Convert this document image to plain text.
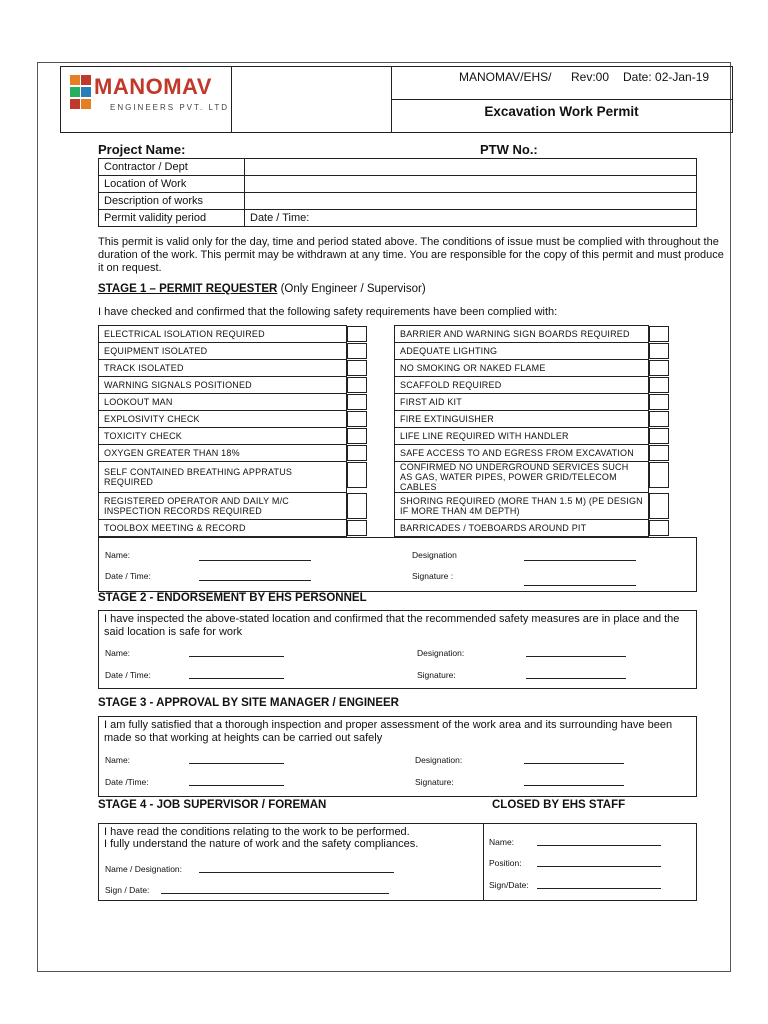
MANOMAV
ENGINEERS PVT. LTD
MANOMAV/EHS/ Rev:00 Date: 02-Jan-19
Excavation Work Permit
Project Name:	PTW No.:
Contractor / Dept	
Location of Work	
Description of works	
Permit validity period	Date / Time:
This permit is valid only for the day, time and period stated above. The conditions of issue must be complied with throughout the duration of the work. This permit may be withdrawn at any time. You are responsible for the copy of this permit and must produce it on request.
STAGE 1 – PERMIT REQUESTER (Only Engineer / Supervisor)
I have checked and confirmed that the following safety requirements have been complied with:
ELECTRICAL ISOLATION REQUIRED	BARRIER AND WARNING SIGN BOARDS REQUIRED	

EQUIPMENT ISOLATED	ADEQUATE LIGHTING	

TRACK ISOLATED	NO SMOKING OR NAKED FLAME	

WARNING SIGNALS POSITIONED	SCAFFOLD REQUIRED	

LOOKOUT MAN	FIRST AID KIT	

EXPLOSIVITY CHECK	FIRE EXTINGUISHER	

TOXICITY CHECK	LIFE LINE REQUIRED WITH HANDLER	

OXYGEN GREATER THAN 18%	SAFE ACCESS TO AND EGRESS FROM EXCAVATION	

SELF CONTAINED BREATHING APPRATUS REQUIRED	CONFIRMED NO UNDERGROUND SERVICES SUCH AS GAS, WATER PIPES, POWER GRID/TELECOM CABLES	

REGISTERED OPERATOR AND DAILY M/C INSPECTION RECORDS REQUIRED	SHORING REQUIRED (MORE THAN 1.5 M) (PE DESIGN IF MORE THAN 4M DEPTH)	

TOOLBOX MEETING & RECORD	BARRICADES / TOEBOARDS AROUND PIT	
Name:	Designation
Date / Time:	Signature :
STAGE 2 - ENDORSEMENT BY EHS PERSONNEL
I have inspected the above-stated location and confirmed that the recommended safety measures are in place and the said location is safe for work
Name:	Designation:
Date / Time:	Signature:
STAGE 3 - APPROVAL BY SITE MANAGER / ENGINEER
I am fully satisfied that a thorough inspection and proper assessment of the work area and its surrounding have been made so that working at heights can be carried out safely
Name:	Designation:
Date /Time:	Signature:
STAGE 4 - JOB SUPERVISOR / FOREMAN	CLOSED BY EHS STAFF
I have read the conditions relating to the work to be performed.
I fully understand the nature of work and the safety compliances.
Name / Designation:
Sign / Date:
Name:
Position:
Sign/Date:
